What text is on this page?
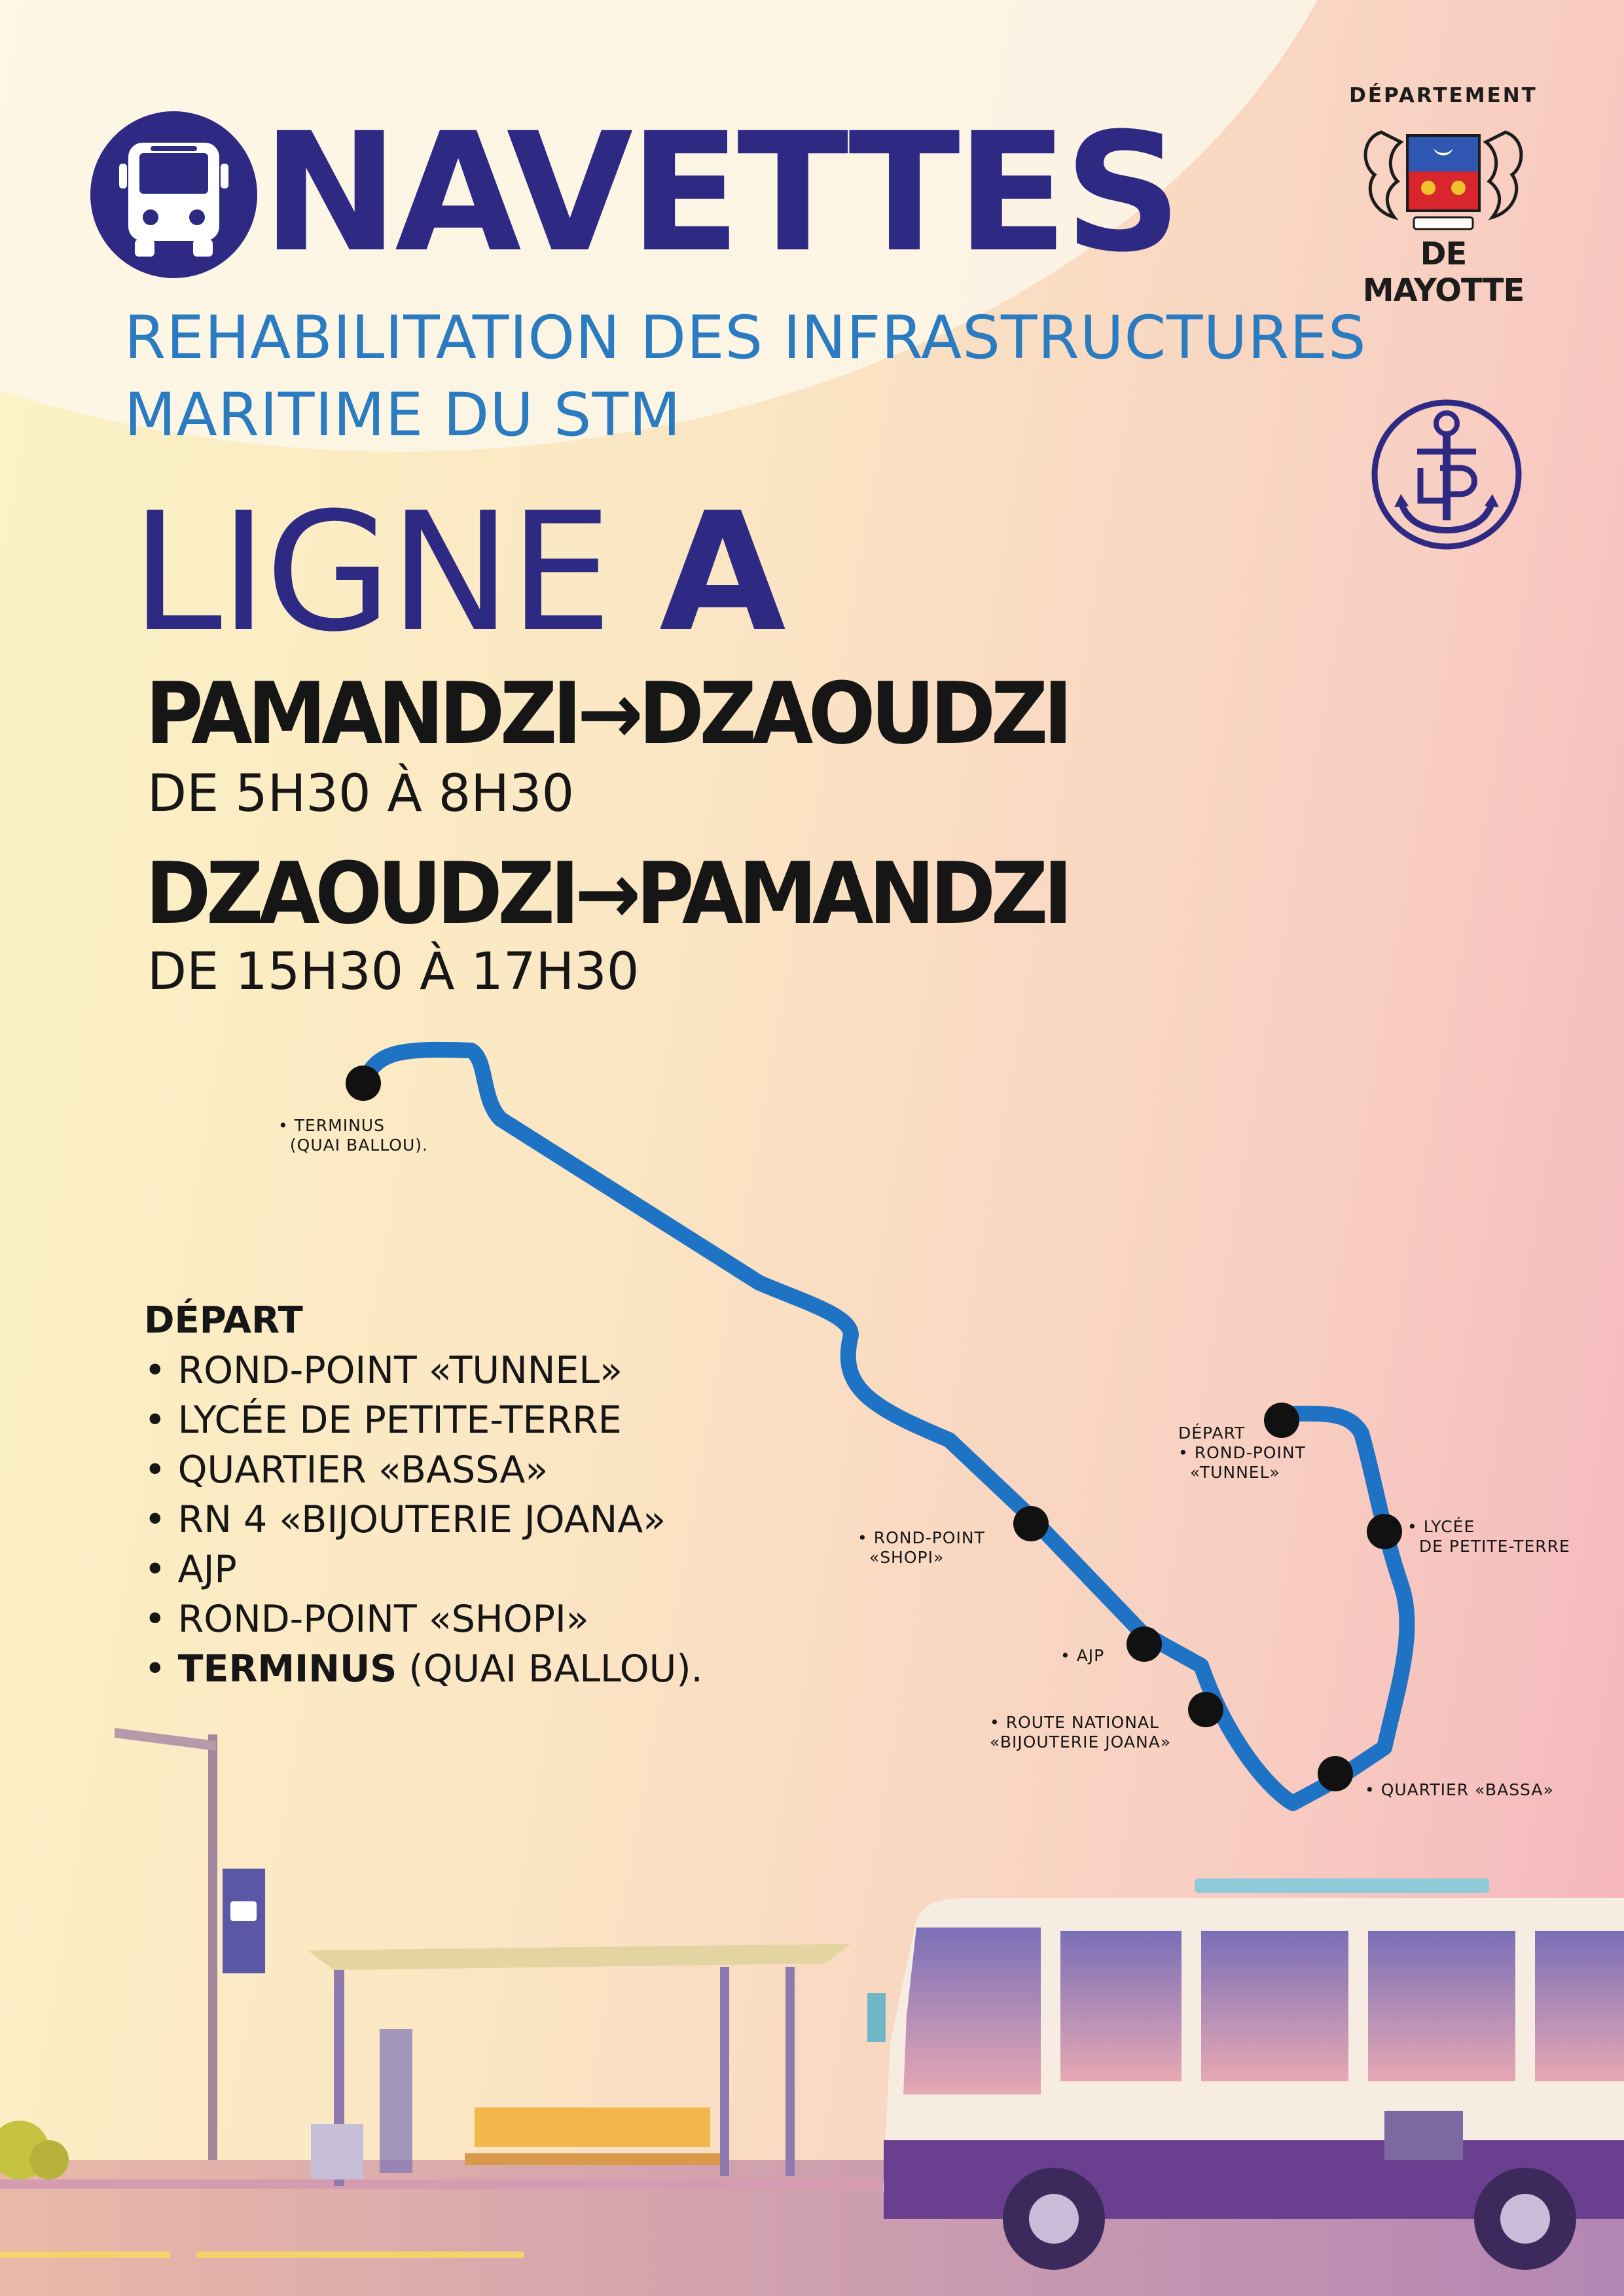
NAVETTES
REHABILITATION DES INFRASTRUCTURES
MARITIME DU STM
DÉPARTEMENT
DE MAYOTTE
LIGNE A
PAMANDZI→DZAOUDZI
DE 5H30 À 8H30
DZAOUDZI→PAMANDZI
DE 15H30 À 17H30
• TERMINUS
(QUAI BALLOU).
DÉPART
• ROND-POINT
«TUNNEL»
• LYCÉE
DE PETITE-TERRE
• ROND-POINT
«SHOPI»
• AJP
• ROUTE NATIONAL
«BIJOUTERIE JOANA»
• QUARTIER «BASSA»

DÉPART

• ROND-POINT «TUNNEL»
• LYCÉE DE PETITE-TERRE
• QUARTIER «BASSA»
• RN 4 «BIJOUTERIE JOANA»
• AJP
• ROND-POINT «SHOPI»
• TERMINUS (QUAI BALLOU).
